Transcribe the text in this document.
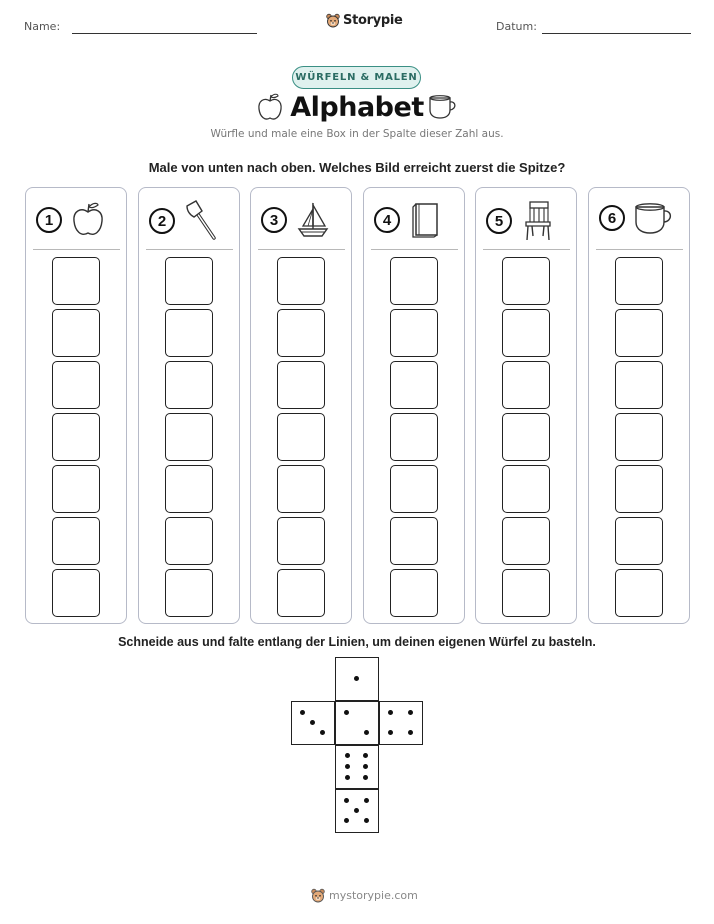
Name:	Storypie	Datum:
WÜRFELN & MALEN
Alphabet
Würfle und male eine Box in der Spalte dieser Zahl aus.
Male von unten nach oben. Welches Bild erreicht zuerst die Spitze?
1	2	3	4	5	6
Schneide aus und falte entlang der Linien, um deinen eigenen Würfel zu basteln.
mystorypie.com
